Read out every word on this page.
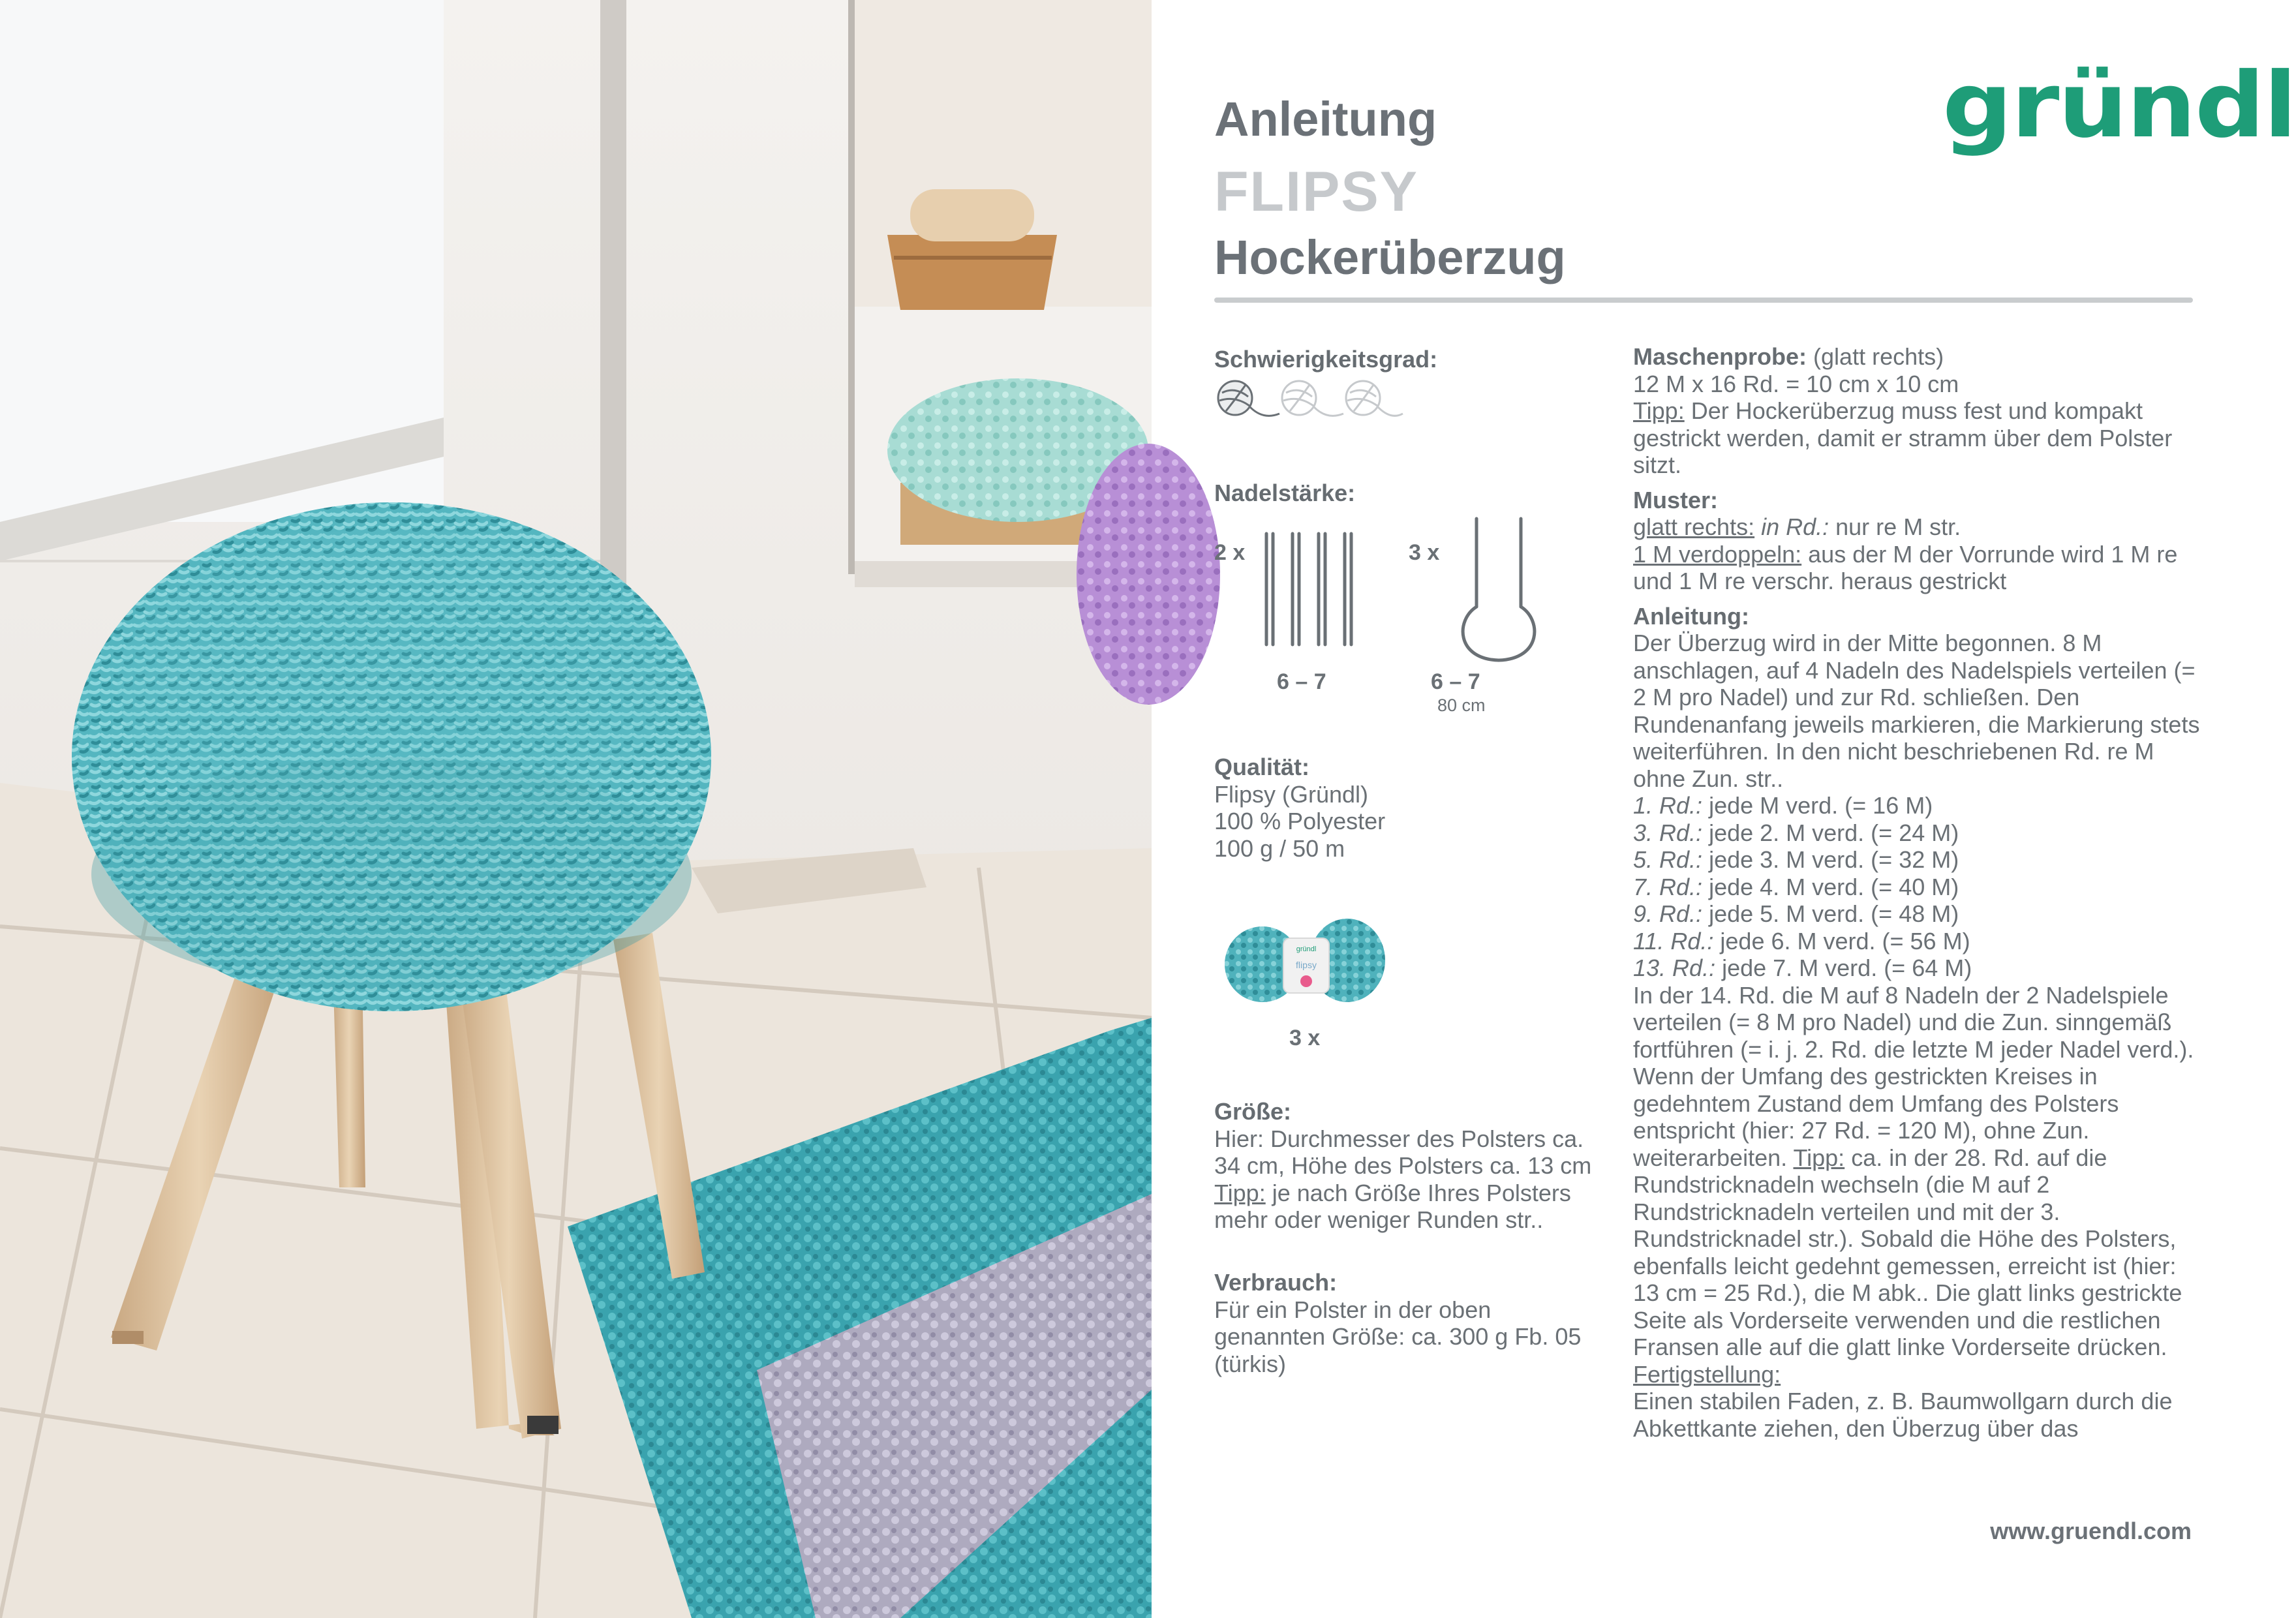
Anleitung
FLIPSY
Hockerüberzug
gründl

Schwierigkeitsgrad:

Nadelstärke:

2 x
6 – 7
3 x
6 – 7
80 cm
Qualität:
Flipsy (Gründl)
100 % Polyester
100 g / 50 m
gründl
flipsy
3 x
Größe:
Hier: Durchmesser des Polsters ca. 34 cm, Höhe des Polsters ca. 13 cm Tipp: je nach Größe Ihres Polsters mehr oder weniger Runden str..
Verbrauch:
Für ein Polster in der oben genannten Größe: ca. 300 g Fb. 05 (türkis)

Maschenprobe: (glatt rechts)

12 M x 16 Rd. = 10 cm x 10 cm

Tipp: Der Hockerüberzug muss fest und kompakt gestrickt werden, damit er stramm über dem Polster sitzt.

Muster:

glatt rechts: in Rd.: nur re M str.

1 M verdoppeln: aus der M der Vorrunde wird 1 M re und 1 M re verschr. heraus gestrickt

Anleitung:

Der Überzug wird in der Mitte begonnen. 8 M anschlagen, auf 4 Nadeln des Nadelspiels verteilen (= 2 M pro Nadel) und zur Rd. schließen. Den Rundenanfang jeweils markieren, die Markierung stets weiterführen. In den nicht beschriebenen Rd. re M ohne Zun. str..

1. Rd.: jede M verd. (= 16 M)

3. Rd.: jede 2. M verd. (= 24 M)

5. Rd.: jede 3. M verd. (= 32 M)

7. Rd.: jede 4. M verd. (= 40 M)

9. Rd.: jede 5. M verd. (= 48 M)

11. Rd.: jede 6. M verd. (= 56 M)

13. Rd.: jede 7. M verd. (= 64 M)

In der 14. Rd. die M auf 8 Nadeln der 2 Nadelspiele verteilen (= 8 M pro Nadel) und die Zun. sinngemäß fortführen (= i. j. 2. Rd. die letzte M jeder Nadel verd.).

Wenn der Umfang des gestrickten Kreises in gedehntem Zustand dem Umfang des Polsters entspricht (hier: 27 Rd. = 120 M), ohne Zun. weiterarbeiten. Tipp: ca. in der 28. Rd. auf die Rundstricknadeln wechseln (die M auf 2 Rundstricknadeln verteilen und mit der 3. Rundstricknadel str.). Sobald die Höhe des Polsters, ebenfalls leicht gedehnt gemessen, erreicht ist (hier: 13 cm = 25 Rd.), die M abk.. Die glatt links gestrickte Seite als Vorderseite verwenden und die restlichen Fransen alle auf die glatt linke Vorderseite drücken.

Fertigstellung:

Einen stabilen Faden, z. B. Baumwollgarn durch die Abkettkante ziehen, den Überzug über das

www.gruendl.com
